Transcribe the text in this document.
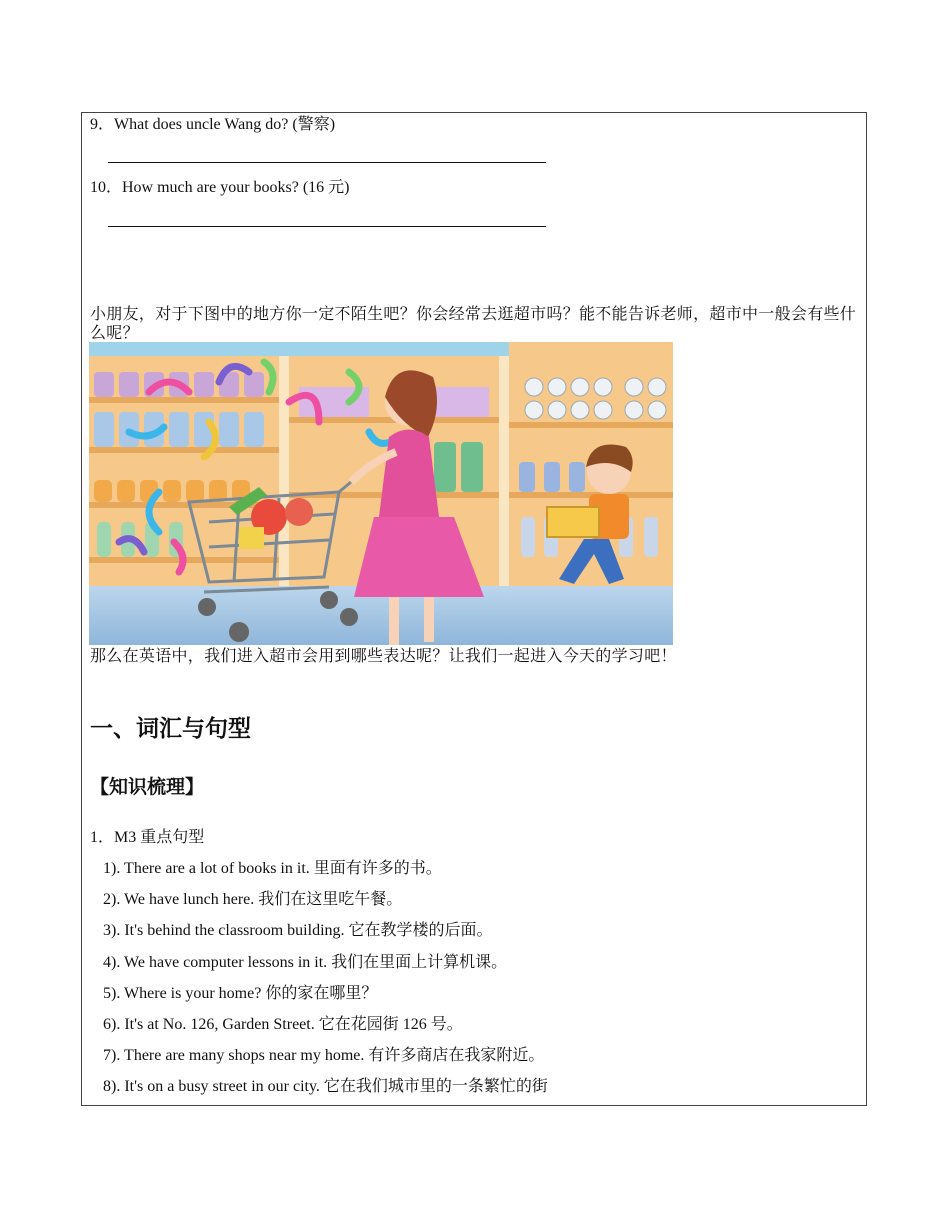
9．What does uncle Wang do? (警察)
10．How much are your books? (16 元)
小朋友，对于下图中的地方你一定不陌生吧？你会经常去逛超市吗？能不能告诉老师，超市中一般会有些什么呢？
那么在英语中，我们进入超市会用到哪些表达呢？让我们一起进入今天的学习吧！
一、词汇与句型
【知识梳理】
1．M3 重点句型
1). There are a lot of books in it. 里面有许多的书。
2). We have lunch here. 我们在这里吃午餐。
3). It's behind the classroom building. 它在教学楼的后面。
4). We have computer lessons in it. 我们在里面上计算机课。
5). Where is your home? 你的家在哪里？
6). It's at No. 126, Garden Street. 它在花园街 126 号。
7). There are many shops near my home. 有许多商店在我家附近。
8). It's on a busy street in our city. 它在我们城市里的一条繁忙的街
